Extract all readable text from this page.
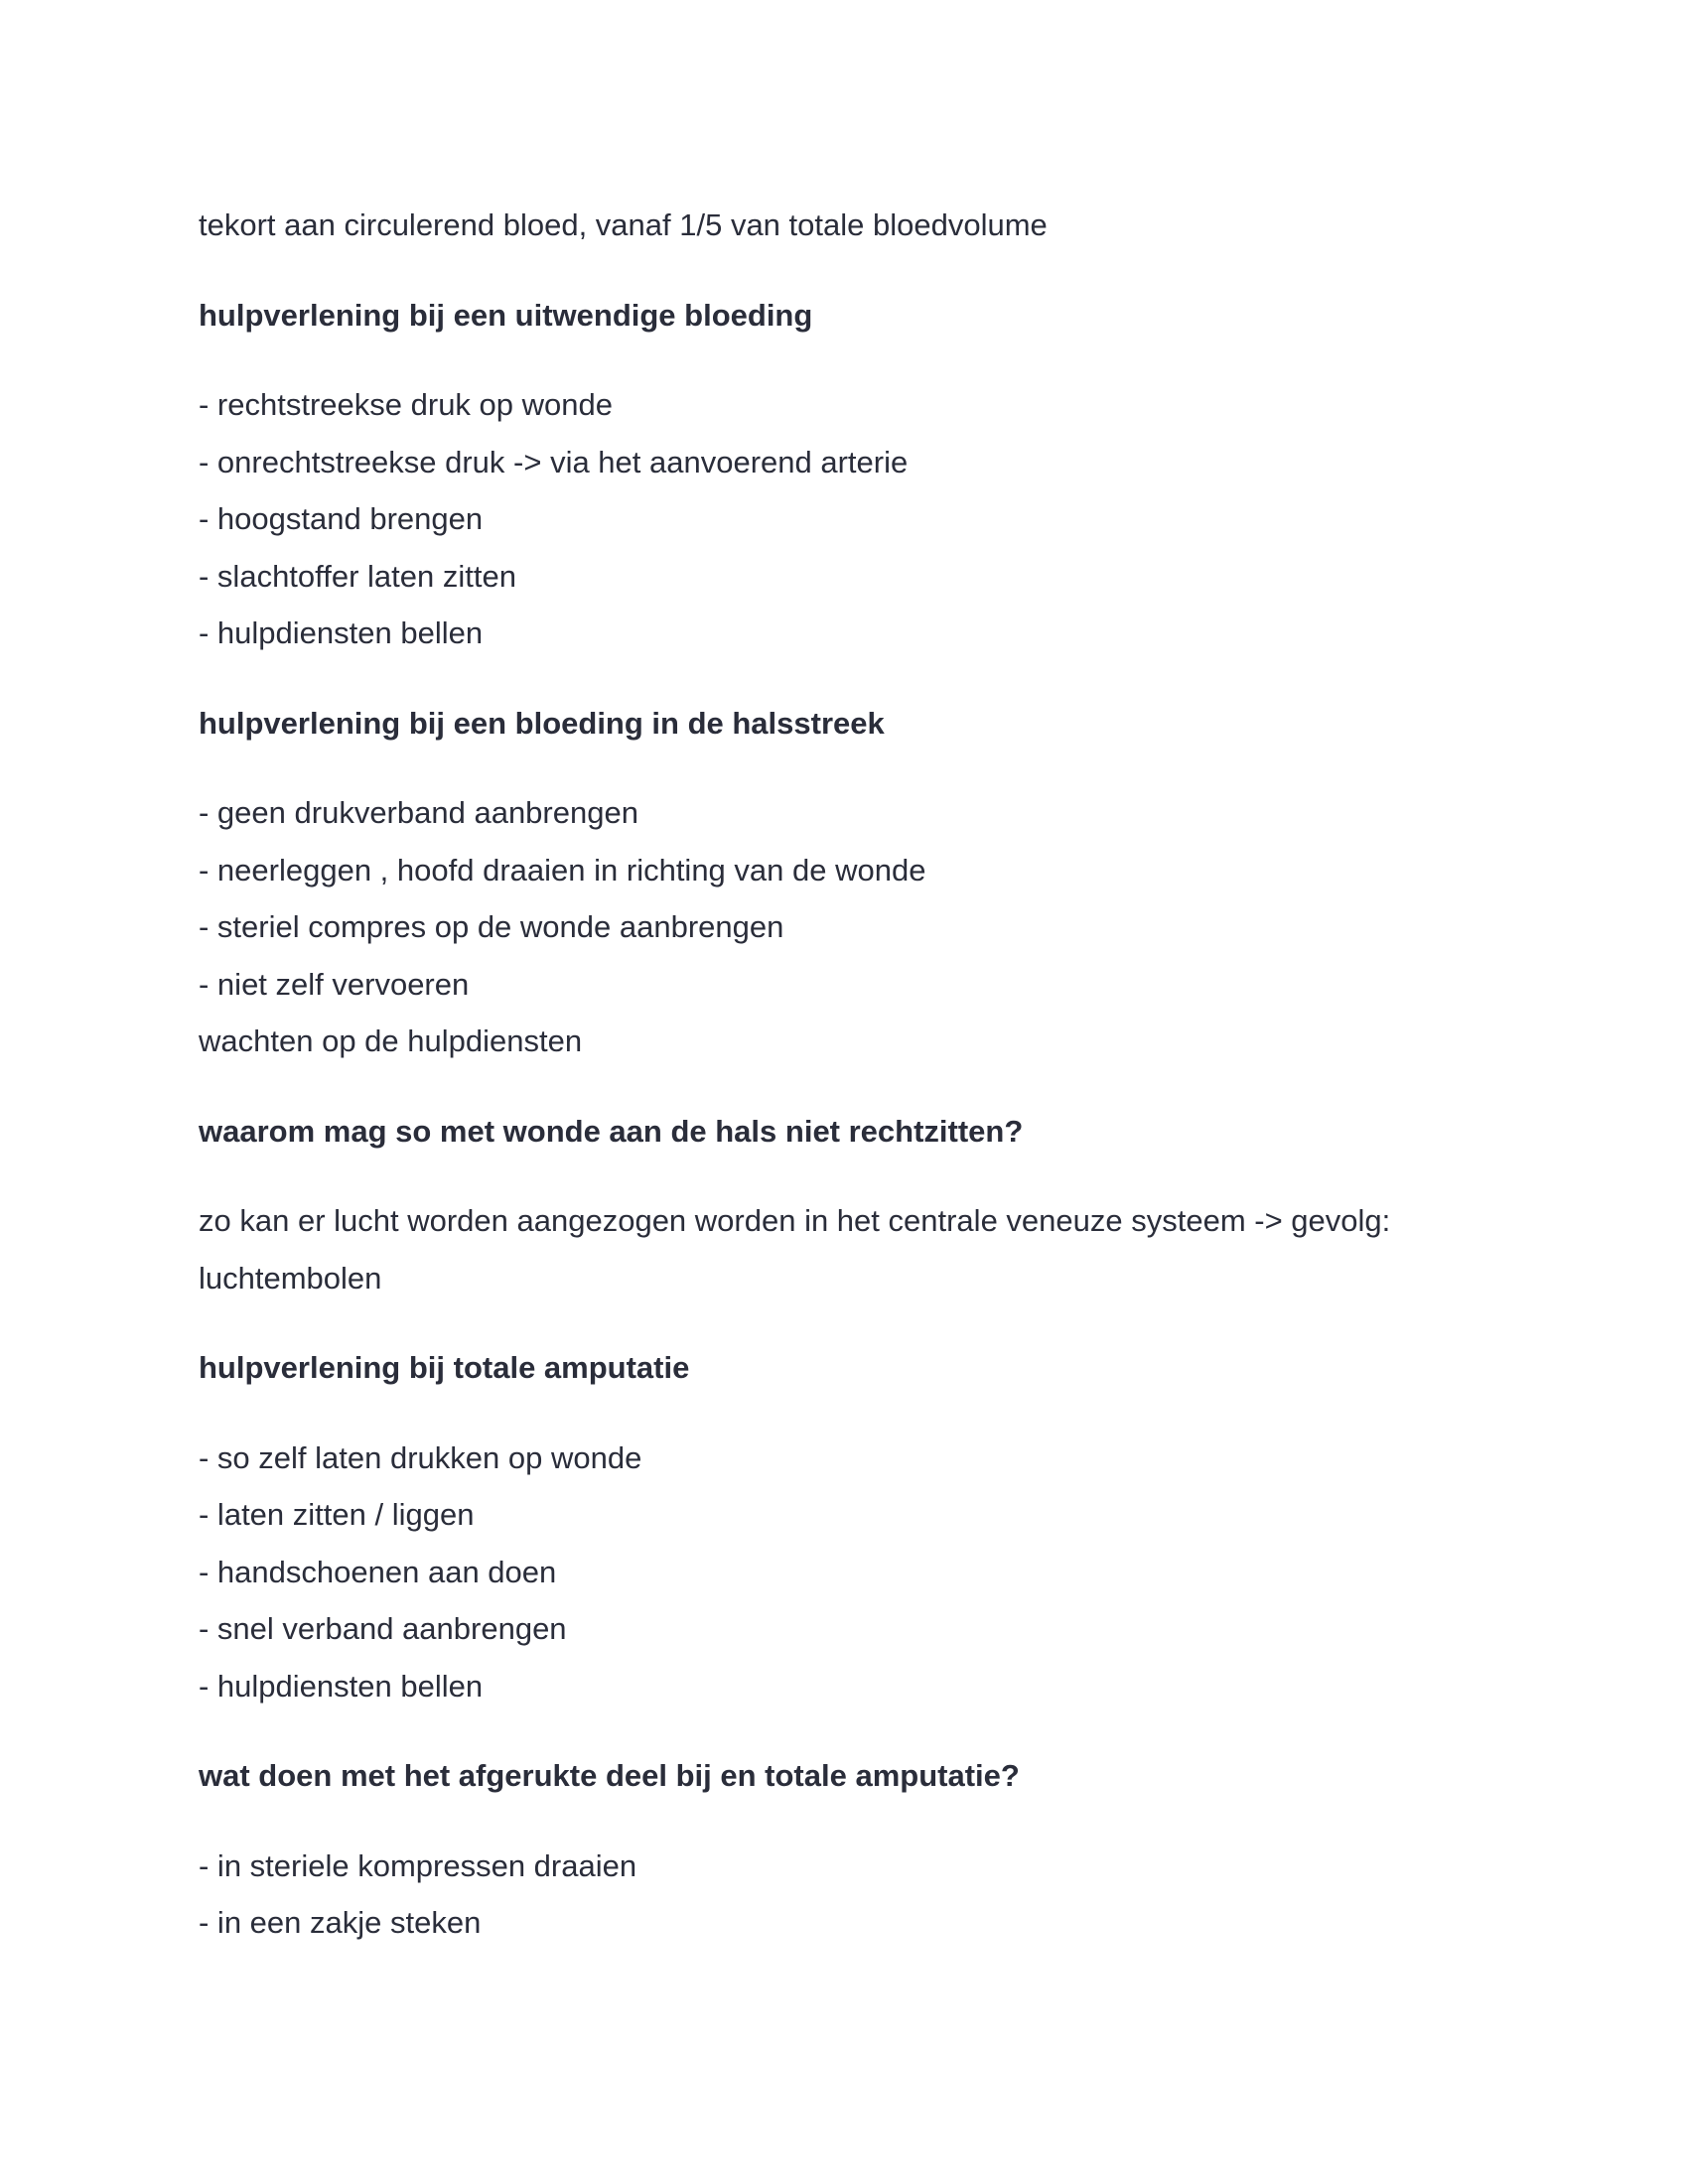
tekort aan circulerend bloed, vanaf 1/5 van totale bloedvolume
hulpverlening bij een uitwendige bloeding
- rechtstreekse druk op wonde
- onrechtstreekse druk -> via het aanvoerend arterie
- hoogstand brengen
- slachtoffer laten zitten
- hulpdiensten bellen
hulpverlening bij een bloeding in de halsstreek
- geen drukverband aanbrengen
- neerleggen , hoofd draaien in richting van de wonde
- steriel compres op de wonde aanbrengen
- niet zelf vervoeren
wachten op de hulpdiensten
waarom mag so met wonde aan de hals niet rechtzitten?
zo kan er lucht worden aangezogen worden in het centrale veneuze systeem -> gevolg: luchtembolen
hulpverlening bij totale amputatie
- so zelf laten drukken op wonde
- laten zitten / liggen
- handschoenen aan doen
- snel verband aanbrengen
- hulpdiensten bellen
wat doen met het afgerukte deel bij en totale amputatie?
- in steriele kompressen draaien
- in een zakje steken
